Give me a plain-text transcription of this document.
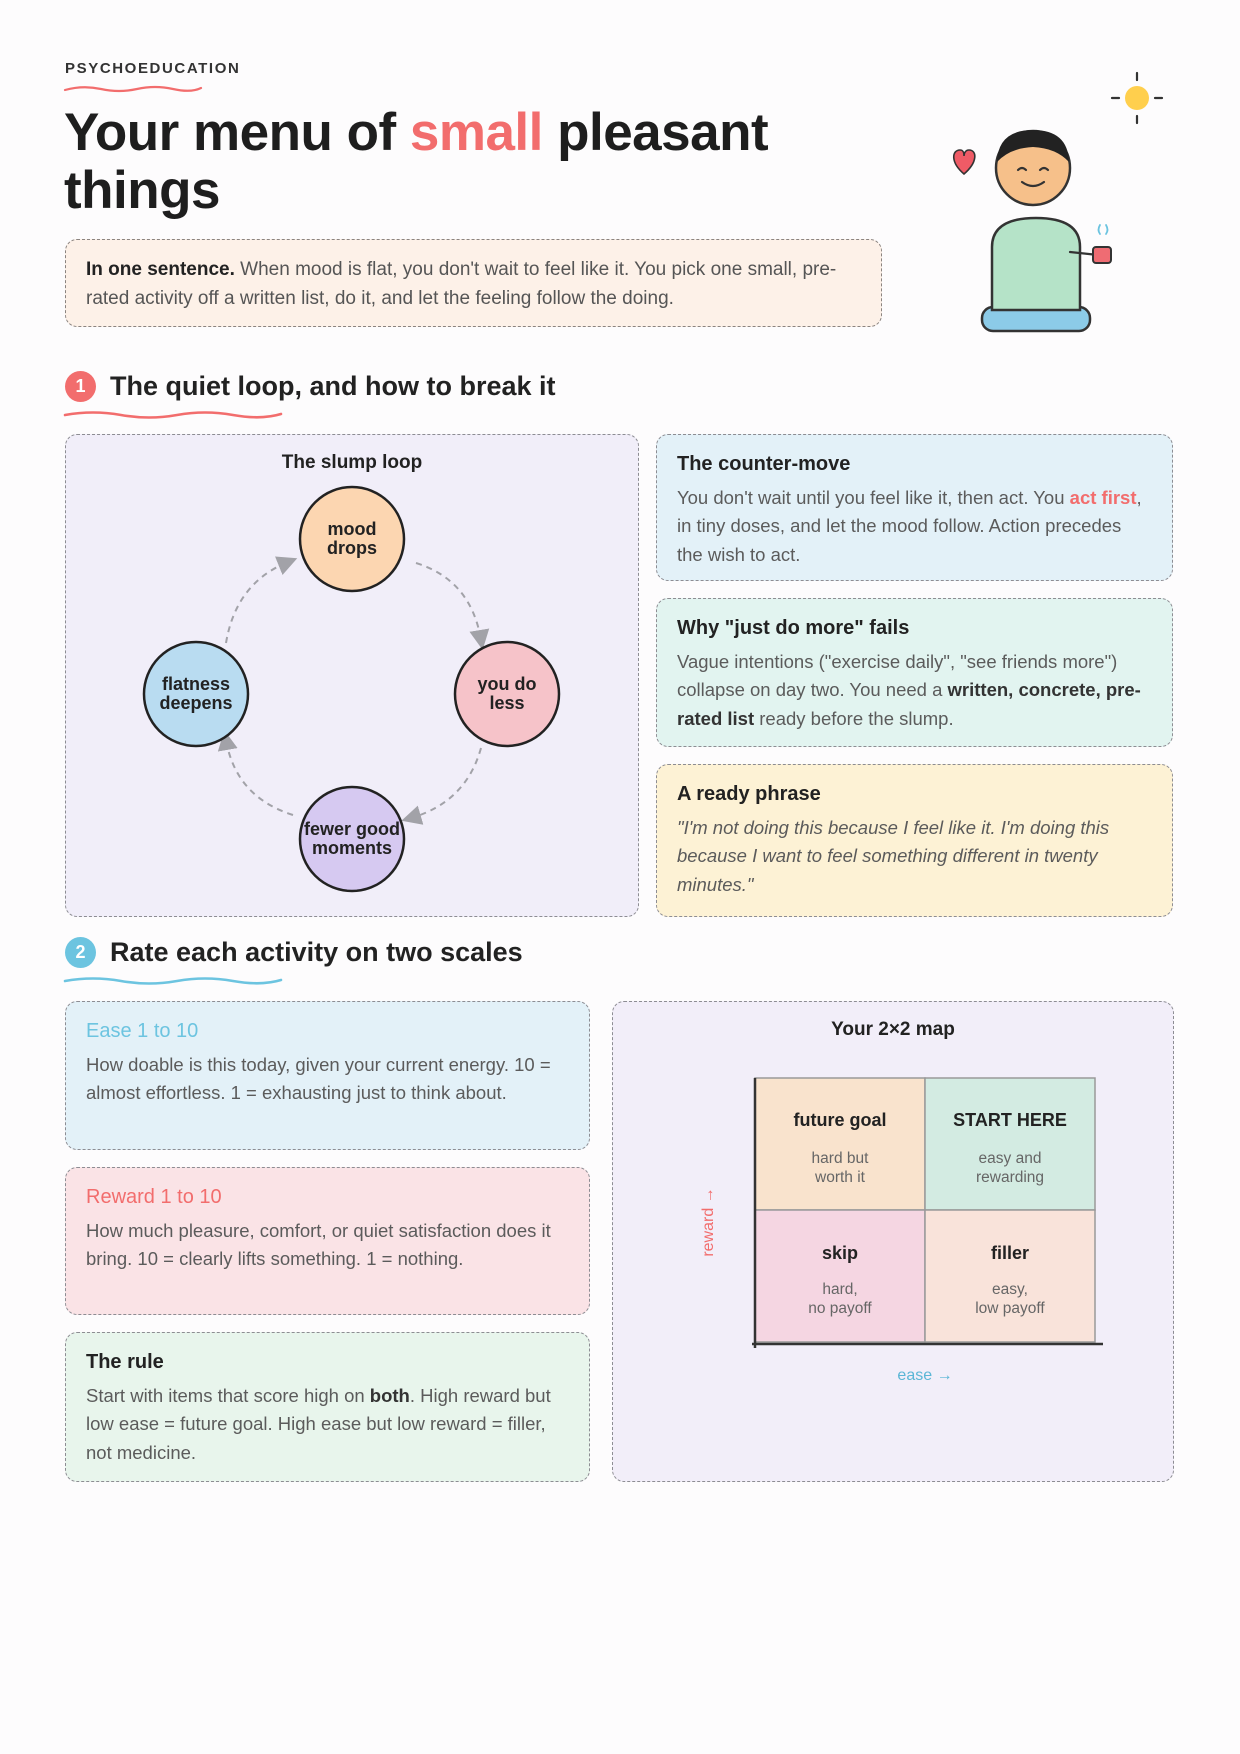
PSYCHOEDUCATION
Your menu of small pleasant things
In one sentence. When mood is flat, you don't wait to feel like it. You pick one small, pre-rated activity off a written list, do it, and let the feeling follow the doing.
1 The quiet loop, and how to break it
The slump loop
mood
drops
you do
less
fewer good
moments
flatness
deepens
The counter-move

You don't wait until you feel like it, then act. You act first, in tiny doses, and let the mood follow. Action precedes the wish to act.

Why "just do more" fails

Vague intentions ("exercise daily", "see friends more") collapse on day two. You need a written, concrete, pre-rated list ready before the slump.

A ready phrase

"I'm not doing this because I feel like it. I'm doing this because I want to feel something different in twenty minutes."

2 Rate each activity on two scales
Ease 1 to 10

How doable is this today, given your current energy. 10 = almost effortless. 1 = exhausting just to think about.

Reward 1 to 10

How much pleasure, comfort, or quiet satisfaction does it bring. 10 = clearly lifts something. 1 = nothing.

The rule

Start with items that score high on both. High reward but low ease = future goal. High ease but low reward = filler, not medicine.

Your 2×2 map
future goal
hard but
worth it
START HERE
easy and
rewarding
skip
hard,
no payoff
filler
easy,
low payoff
reward →
ease →
